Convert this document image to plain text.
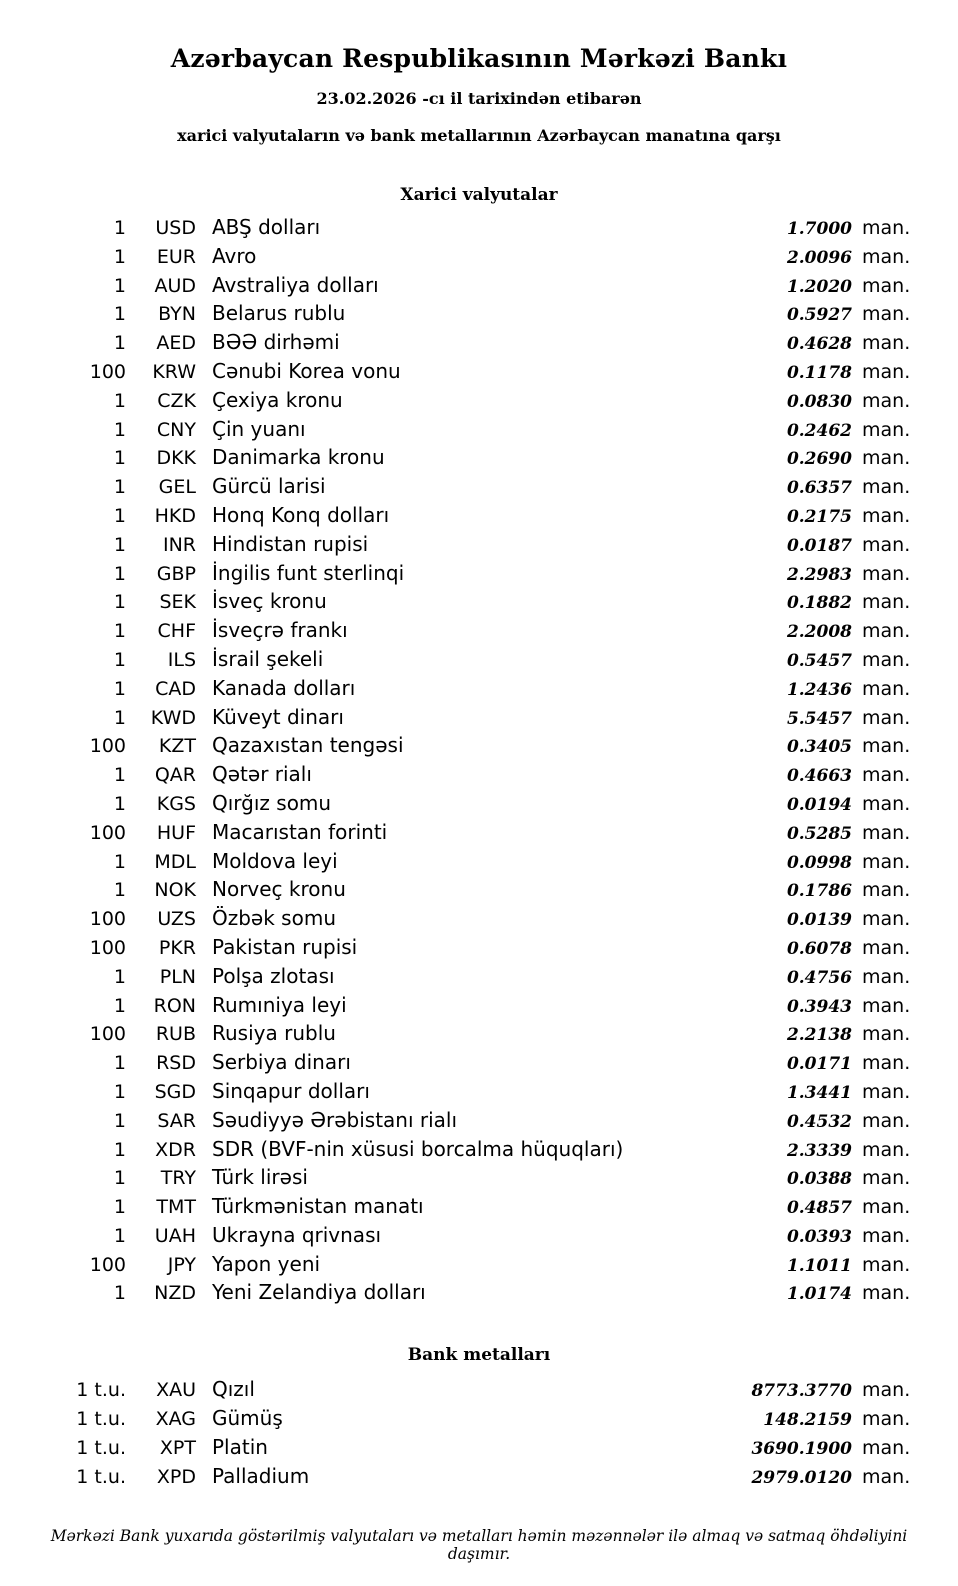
Azərbaycan Respublikasının Mərkəzi Bankı
23.02.2026 -cı il tarixindən etibarən
xarici valyutaların və bank metallarının Azərbaycan manatına qarşı
Xarici valyutalar
1	USD	ABŞ dolları	1.7000	man.
1	EUR	Avro	2.0096	man.
1	AUD	Avstraliya dolları	1.2020	man.
1	BYN	Belarus rublu	0.5927	man.
1	AED	BƏƏ dirhəmi	0.4628	man.
100	KRW	Cənubi Korea vonu	0.1178	man.
1	CZK	Çexiya kronu	0.0830	man.
1	CNY	Çin yuanı	0.2462	man.
1	DKK	Danimarka kronu	0.2690	man.
1	GEL	Gürcü larisi	0.6357	man.
1	HKD	Honq Konq dolları	0.2175	man.
1	INR	Hindistan rupisi	0.0187	man.
1	GBP	İngilis funt sterlinqi	2.2983	man.
1	SEK	İsveç kronu	0.1882	man.
1	CHF	İsveçrə frankı	2.2008	man.
1	ILS	İsrail şekeli	0.5457	man.
1	CAD	Kanada dolları	1.2436	man.
1	KWD	Küveyt dinarı	5.5457	man.
100	KZT	Qazaxıstan tengəsi	0.3405	man.
1	QAR	Qətər rialı	0.4663	man.
1	KGS	Qırğız somu	0.0194	man.
100	HUF	Macarıstan forinti	0.5285	man.
1	MDL	Moldova leyi	0.0998	man.
1	NOK	Norveç kronu	0.1786	man.
100	UZS	Özbək somu	0.0139	man.
100	PKR	Pakistan rupisi	0.6078	man.
1	PLN	Polşa zlotası	0.4756	man.
1	RON	Rumıniya leyi	0.3943	man.
100	RUB	Rusiya rublu	2.2138	man.
1	RSD	Serbiya dinarı	0.0171	man.
1	SGD	Sinqapur dolları	1.3441	man.
1	SAR	Səudiyyə Ərəbistanı rialı	0.4532	man.
1	XDR	SDR (BVF-nin xüsusi borcalma hüquqları)	2.3339	man.
1	TRY	Türk lirəsi	0.0388	man.
1	TMT	Türkmənistan manatı	0.4857	man.
1	UAH	Ukrayna qrivnası	0.0393	man.
100	JPY	Yapon yeni	1.1011	man.
1	NZD	Yeni Zelandiya dolları	1.0174	man.
Bank metalları
1 t.u.	XAU	Qızıl	8773.3770	man.
1 t.u.	XAG	Gümüş	148.2159	man.
1 t.u.	XPT	Platin	3690.1900	man.
1 t.u.	XPD	Palladium	2979.0120	man.
Mərkəzi Bank yuxarıda göstərilmiş valyutaları və metalları həmin məzənnələr ilə almaq və satmaq öhdəliyini daşımır.
